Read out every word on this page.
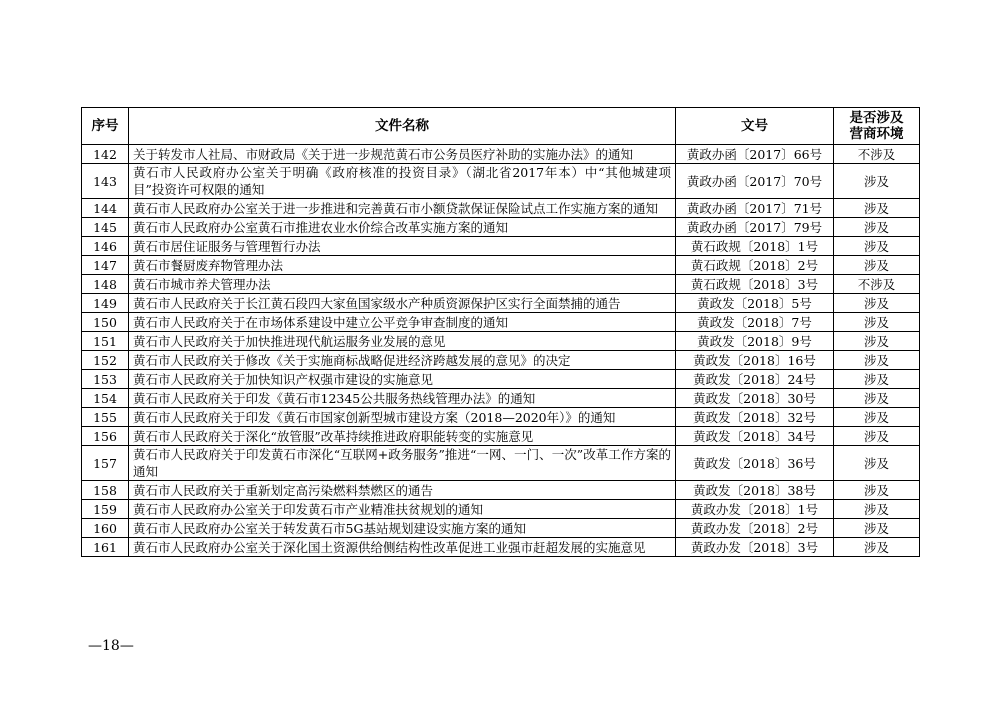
序号	文件名称	文号	是否涉及
营商环境

142	关于转发市人社局、市财政局《关于进一步规范黄石市公务员医疗补助的实施办法》的通知	黄政办函〔2017〕66号	不涉及
143	黄石市人民政府办公室关于明确《政府核准的投资目录》（湖北省2017年本）中“其他城建项目”投资许可权限的通知	黄政办函〔2017〕70号	涉及
144	黄石市人民政府办公室关于进一步推进和完善黄石市小额贷款保证保险试点工作实施方案的通知	黄政办函〔2017〕71号	涉及
145	黄石市人民政府办公室黄石市推进农业水价综合改革实施方案的通知	黄政办函〔2017〕79号	涉及
146	黄石市居住证服务与管理暂行办法	黄石政规〔2018〕1号	涉及
147	黄石市餐厨废弃物管理办法	黄石政规〔2018〕2号	涉及
148	黄石市城市养犬管理办法	黄石政规〔2018〕3号	不涉及
149	黄石市人民政府关于长江黄石段四大家鱼国家级水产种质资源保护区实行全面禁捕的通告	黄政发〔2018〕5号	涉及
150	黄石市人民政府关于在市场体系建设中建立公平竞争审查制度的通知	黄政发〔2018〕7号	涉及
151	黄石市人民政府关于加快推进现代航运服务业发展的意见	黄政发〔2018〕9号	涉及
152	黄石市人民政府关于修改《关于实施商标战略促进经济跨越发展的意见》的决定	黄政发〔2018〕16号	涉及
153	黄石市人民政府关于加快知识产权强市建设的实施意见	黄政发〔2018〕24号	涉及
154	黄石市人民政府关于印发《黄石市12345公共服务热线管理办法》的通知	黄政发〔2018〕30号	涉及
155	黄石市人民政府关于印发《黄石市国家创新型城市建设方案（2018—2020年）》的通知	黄政发〔2018〕32号	涉及
156	黄石市人民政府关于深化“放管服”改革持续推进政府职能转变的实施意见	黄政发〔2018〕34号	涉及
157	黄石市人民政府关于印发黄石市深化“互联网+政务服务”推进“一网、一门、一次”改革工作方案的通知	黄政发〔2018〕36号	涉及
158	黄石市人民政府关于重新划定高污染燃料禁燃区的通告	黄政发〔2018〕38号	涉及
159	黄石市人民政府办公室关于印发黄石市产业精准扶贫规划的通知	黄政办发〔2018〕1号	涉及
160	黄石市人民政府办公室关于转发黄石市5G基站规划建设实施方案的通知	黄政办发〔2018〕2号	涉及
161	黄石市人民政府办公室关于深化国土资源供给侧结构性改革促进工业强市赶超发展的实施意见	黄政办发〔2018〕3号	涉及
—18—
